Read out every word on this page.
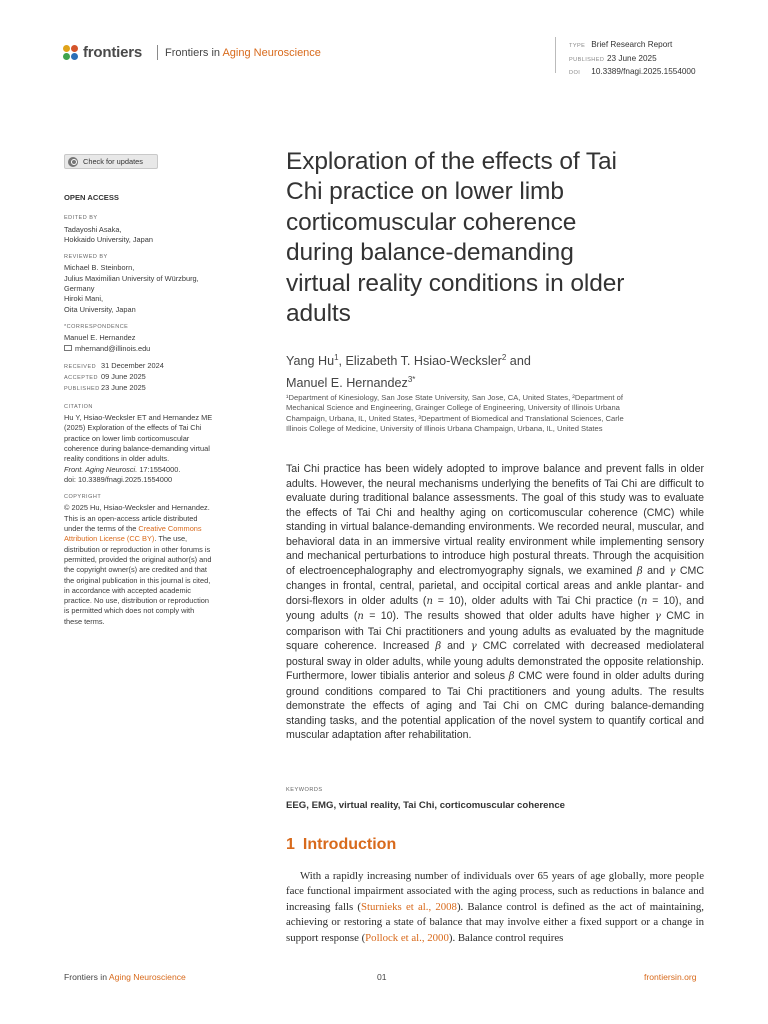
frontiers Frontiers in Aging Neuroscience
TYPE Brief Research Report
PUBLISHED 23 June 2025
DOI 10.3389/fnagi.2025.1554000
Check for updates
OPEN ACCESS
EDITED BY
Tadayoshi Asaka,
Hokkaido University, Japan
REVIEWED BY
Michael B. Steinborn,
Julius Maximilian University of Würzburg,
Germany
Hiroki Mani,
Oita University, Japan
*CORRESPONDENCE
Manuel E. Hernandez
mhernand@illinois.edu
RECEIVED 31 December 2024
ACCEPTED 09 June 2025
PUBLISHED23 June 2025
CITATION
Hu Y, Hsiao-Wecksler ET and Hernandez ME
(2025) Exploration of the effects of Tai Chi
practice on lower limb corticomuscular
coherence during balance-demanding virtual
reality conditions in older adults.
Front. Aging Neurosci. 17:1554000.
doi: 10.3389/fnagi.2025.1554000
COPYRIGHT
© 2025 Hu, Hsiao-Wecksler and Hernandez.
This is an open-access article distributed
under the terms of the Creative Commons
Attribution License (CC BY). The use,
distribution or reproduction in other forums is
permitted, provided the original author(s) and
the copyright owner(s) are credited and that
the original publication in this journal is cited,
in accordance with accepted academic
practice. No use, distribution or reproduction
is permitted which does not comply with
these terms.
Exploration of the effects of Tai
Chi practice on lower limb
corticomuscular coherence
during balance-demanding
virtual reality conditions in older
adults
Yang Hu$^1$, Elizabeth T. Hsiao-Wecksler$^2$ and
Manuel E. Hernandez$^{3*}$
¹Department of Kinesiology, San Jose State University, San Jose, CA, United States, ²Department of
Mechanical Science and Engineering, Grainger College of Engineering, University of Illinois Urbana
Champaign, Urbana, IL, United States, ³Department of Biomedical and Translational Sciences, Carle
Illinois College of Medicine, University of Illinois Urbana Champaign, Urbana, IL, United States

Tai Chi practice has been widely adopted to improve balance and prevent falls in older adults. However, the neural mechanisms underlying the benefits of Tai Chi are difficult to evaluate during traditional balance assessments. The goal of this study was to evaluate the effects of Tai Chi and healthy aging on corticomuscular coherence (CMC) while standing in virtual balance-demanding environments. We recorded neural, muscular, and behavioral data in an immersive virtual reality environment while implementing sensory and mechanical perturbations to introduce high postural threats. Through the acquisition of electroencephalography and electromyography signals, we examined β and γ CMC changes in frontal, central, parietal, and occipital cortical areas and ankle plantar- and dorsi-flexors in older adults (n = 10), older adults with Tai Chi practice (n = 10), and young adults (n = 10). The results showed that older adults have higher γ CMC in comparison with Tai Chi practitioners and young adults as evaluated by the magnitude square coherence. Increased β and γ CMC correlated with decreased mediolateral postural sway in older adults, while young adults demonstrated the opposite relationship. Furthermore, lower tibialis anterior and soleus β CMC were found in older adults during ground conditions compared to Tai Chi practitioners and young adults. The results demonstrate the effects of aging and Tai Chi on CMC during balance-demanding standing tasks, and the potential application of the novel system to quantify cortical and muscular adaptation after rehabilitation.

KEYWORDS
EEG, EMG, virtual reality, Tai Chi, corticomuscular coherence
1 Introduction

With a rapidly increasing number of individuals over 65 years of age globally, more people face functional impairment associated with the aging process, such as reductions in balance and increasing falls (Sturnieks et al., 2008). Balance control is defined as the act of maintaining, achieving or restoring a state of balance that may involve either a fixed support or a change in support response (Pollock et al., 2000). Balance control requires

Frontiers in Aging Neuroscience	01	frontiersin.org
